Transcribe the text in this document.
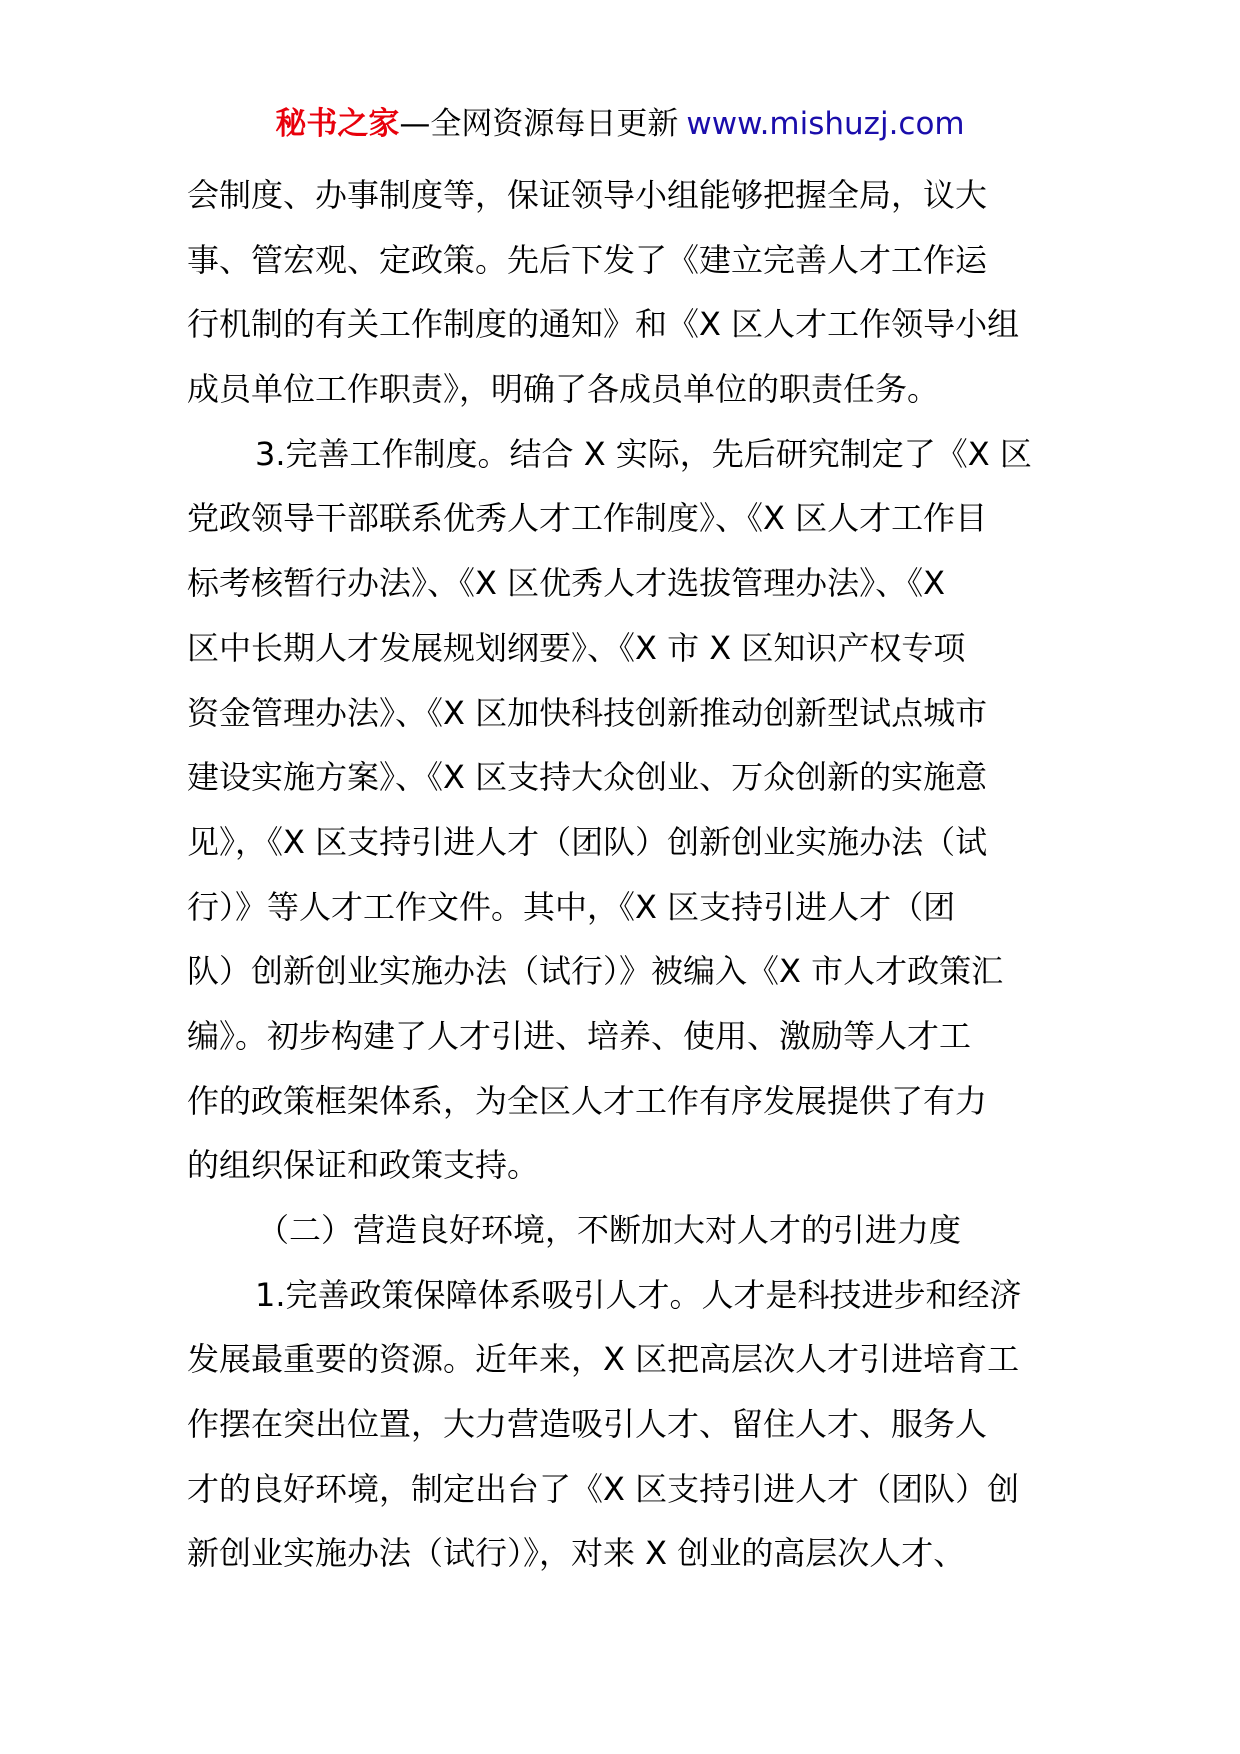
秘书之家—全网资源每日更新 www.mishuzj.com
会制度、办事制度等，保证领导小组能够把握全局，议大
事、管宏观、定政策。先后下发了《建立完善人才工作运
行机制的有关工作制度的通知》和《X 区人才工作领导小组
成员单位工作职责》，明确了各成员单位的职责任务。
3.完善工作制度。结合 X 实际，先后研究制定了《X 区
党政领导干部联系优秀人才工作制度》、《X 区人才工作目
标考核暂行办法》、《X 区优秀人才选拔管理办法》、《X
区中长期人才发展规划纲要》、《X 市 X 区知识产权专项
资金管理办法》、《X 区加快科技创新推动创新型试点城市
建设实施方案》、《X 区支持大众创业、万众创新的实施意
见》，《X 区支持引进人才（团队）创新创业实施办法（试
行）》等人才工作文件。其中，《X 区支持引进人才（团
队）创新创业实施办法（试行）》被编入《X 市人才政策汇
编》。初步构建了人才引进、培养、使用、激励等人才工
作的政策框架体系，为全区人才工作有序发展提供了有力
的组织保证和政策支持。
（二）营造良好环境，不断加大对人才的引进力度
1.完善政策保障体系吸引人才。人才是科技进步和经济
发展最重要的资源。近年来，X 区把高层次人才引进培育工
作摆在突出位置，大力营造吸引人才、留住人才、服务人
才的良好环境，制定出台了《X 区支持引进人才（团队）创
新创业实施办法（试行）》，对来 X 创业的高层次人才、
